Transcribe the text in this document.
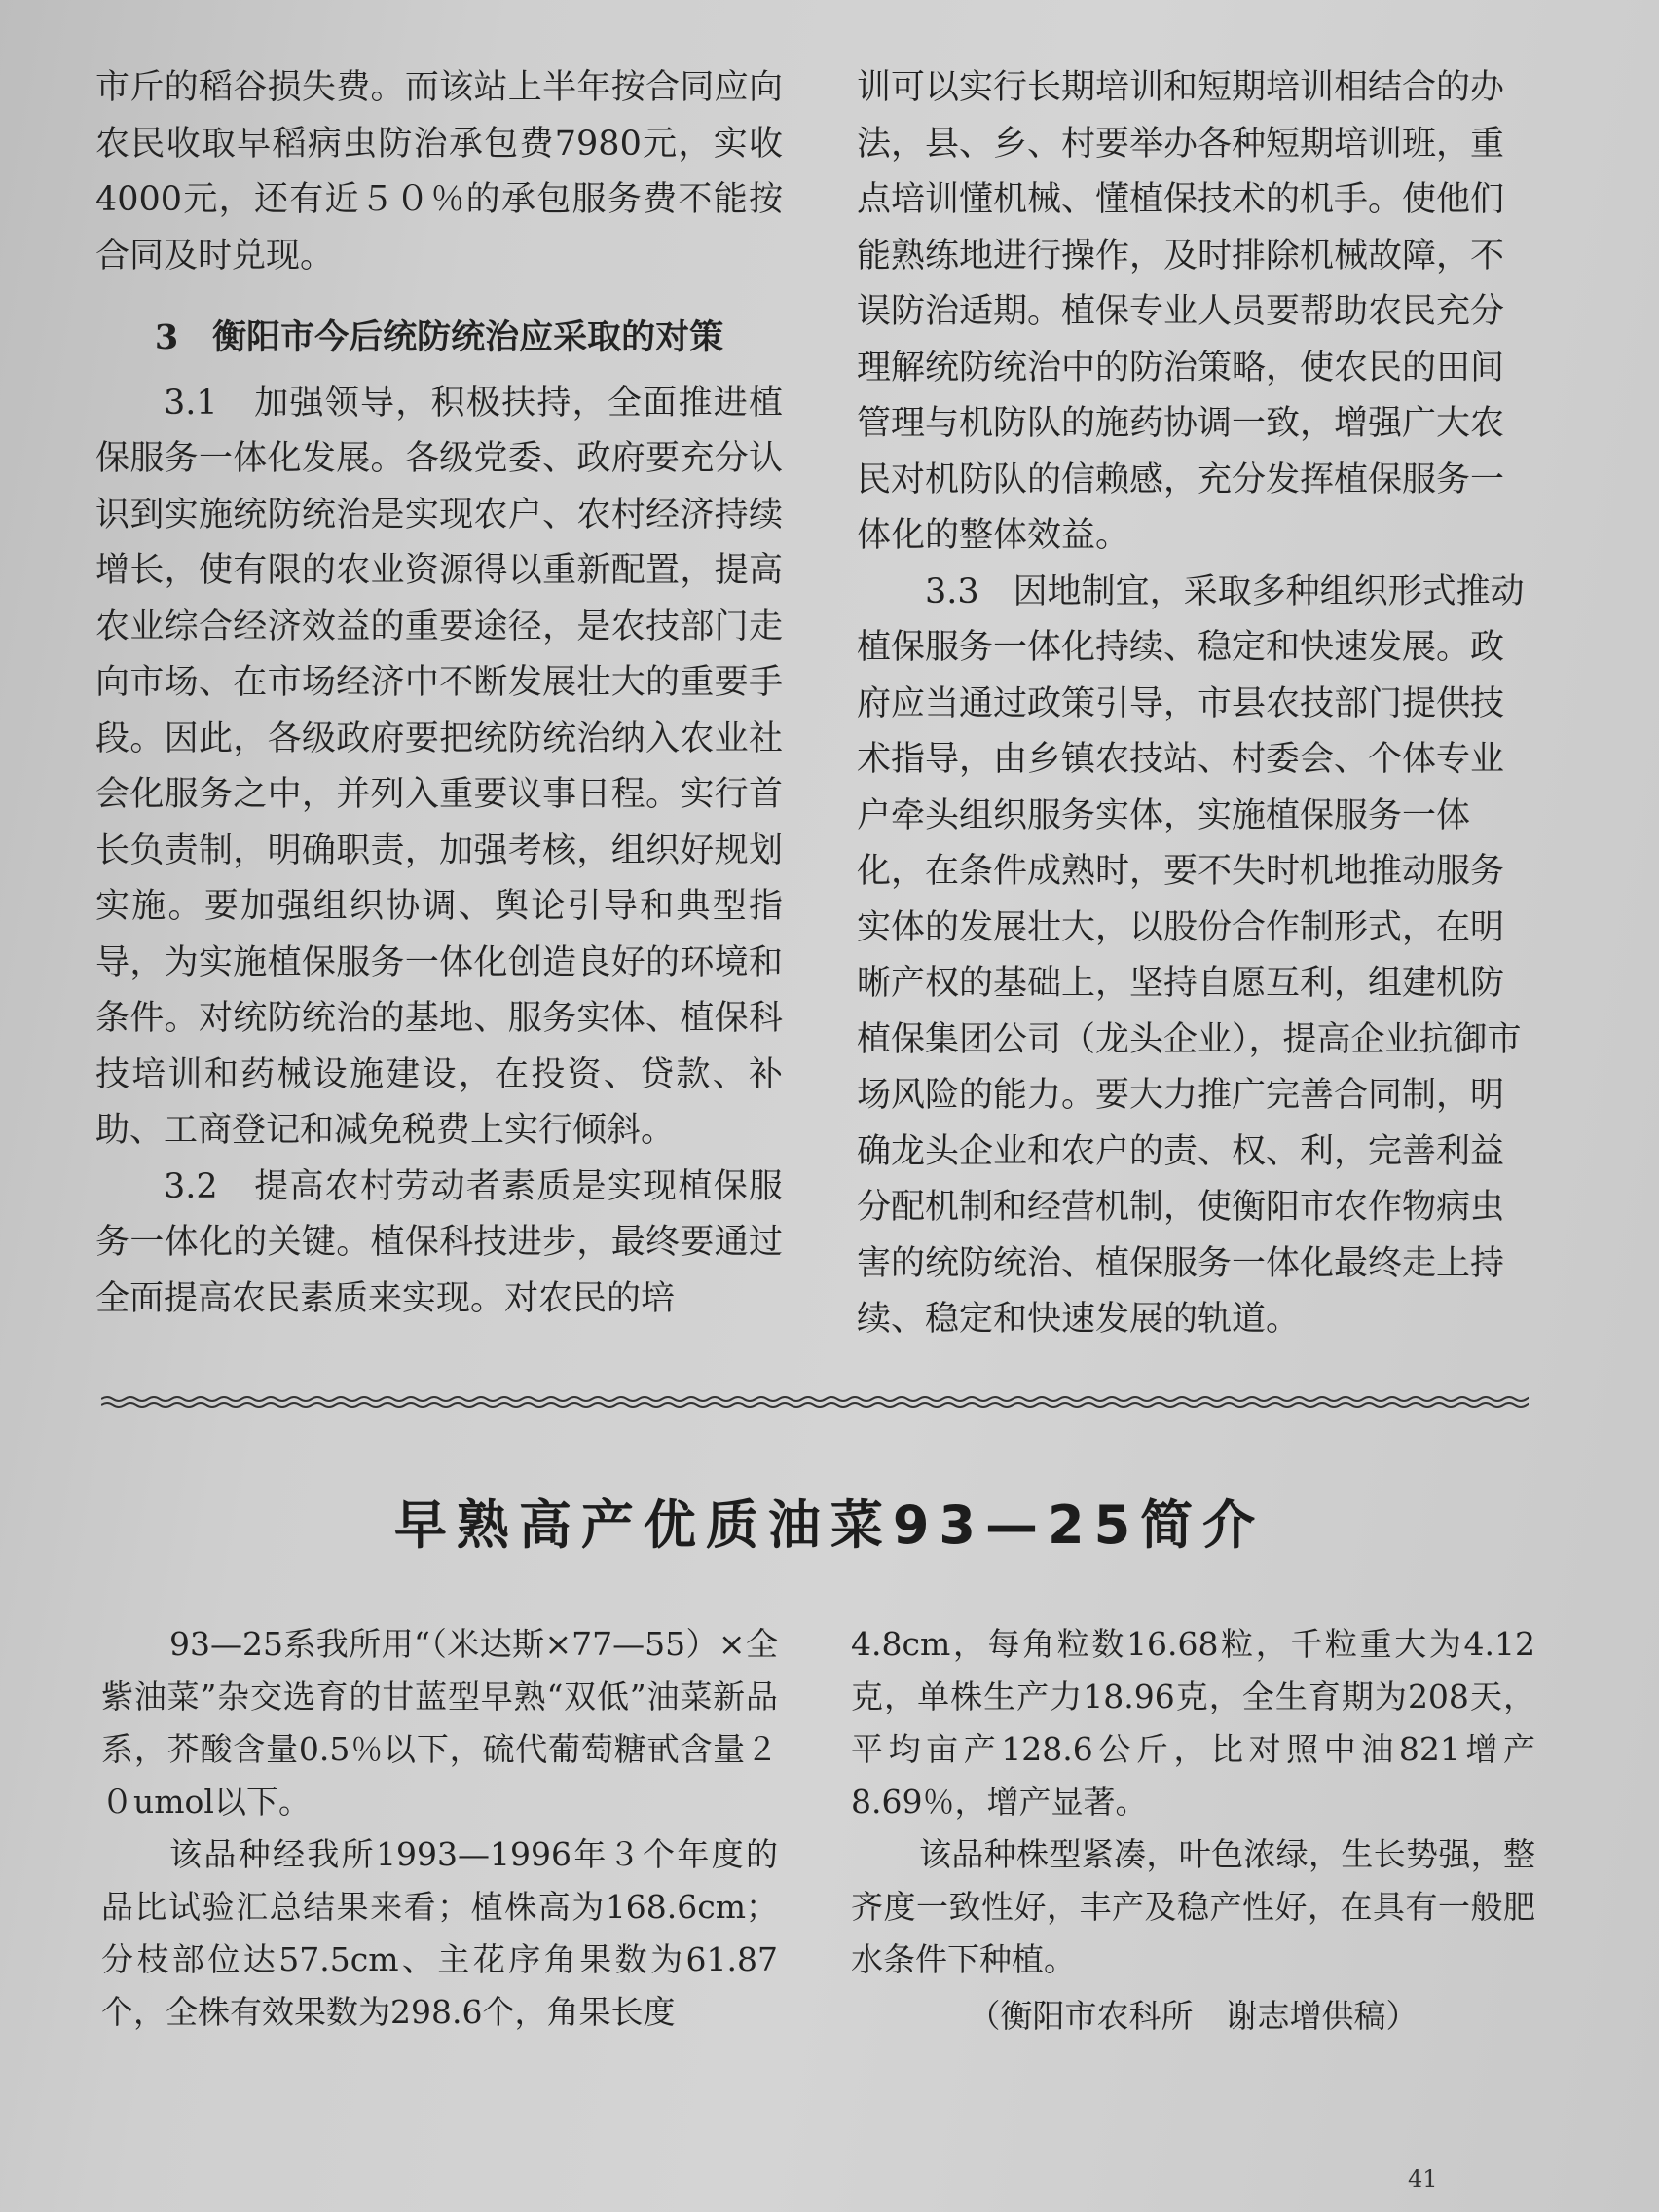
市斤的稻谷损失费。而该站上半年按合同应向农民收取早稻病虫防治承包费7980元，实收4000元，还有近５０％的承包服务费不能按合同及时兑现。

3　衡阳市今后统防统治应采取的对策

3.1　加强领导，积极扶持，全面推进植保服务一体化发展。各级党委、政府要充分认识到实施统防统治是实现农户、农村经济持续增长，使有限的农业资源得以重新配置，提高农业综合经济效益的重要途径，是农技部门走向市场、在市场经济中不断发展壮大的重要手段。因此，各级政府要把统防统治纳入农业社会化服务之中，并列入重要议事日程。实行首长负责制，明确职责，加强考核，组织好规划实施。要加强组织协调、舆论引导和典型指导，为实施植保服务一体化创造良好的环境和条件。对统防统治的基地、服务实体、植保科技培训和药械设施建设，在投资、贷款、补助、工商登记和减免税费上实行倾斜。

3.2　提高农村劳动者素质是实现植保服务一体化的关键。植保科技进步，最终要通过全面提高农民素质来实现。对农民的培

训可以实行长期培训和短期培训相结合的办法，县、乡、村要举办各种短期培训班，重点培训懂机械、懂植保技术的机手。使他们能熟练地进行操作，及时排除机械故障，不误防治适期。植保专业人员要帮助农民充分理解统防统治中的防治策略，使农民的田间管理与机防队的施药协调一致，增强广大农民对机防队的信赖感，充分发挥植保服务一体化的整体效益。

3.3　因地制宜，采取多种组织形式推动植保服务一体化持续、稳定和快速发展。政府应当通过政策引导，市县农技部门提供技术指导，由乡镇农技站、村委会、个体专业户牵头组织服务实体，实施植保服务一体化，在条件成熟时，要不失时机地推动服务实体的发展壮大，以股份合作制形式，在明晰产权的基础上，坚持自愿互利，组建机防植保集团公司（龙头企业），提高企业抗御市场风险的能力。要大力推广完善合同制，明确龙头企业和农户的责、权、利，完善利益分配机制和经营机制，使衡阳市农作物病虫害的统防统治、植保服务一体化最终走上持续、稳定和快速发展的轨道。

早熟高产优质油菜93—25简介

93—25系我所用“（米达斯×77—55）×全紫油菜”杂交选育的甘蓝型早熟“双低”油菜新品系，芥酸含量0.5％以下，硫代葡萄糖甙含量２０umol以下。

该品种经我所1993—1996年３个年度的品比试验汇总结果来看；植株高为168.6cm；分枝部位达57.5cm、主花序角果数为61.87个，全株有效果数为298.6个，角果长度

4.8cm，每角粒数16.68粒，千粒重大为4.12克，单株生产力18.96克，全生育期为208天，平均亩产128.6公斤，比对照中油821增产8.69％，增产显著。

该品种株型紧凑，叶色浓绿，生长势强，整齐度一致性好，丰产及稳产性好，在具有一般肥水条件下种植。

（衡阳市农科所　谢志增供稿）

41
